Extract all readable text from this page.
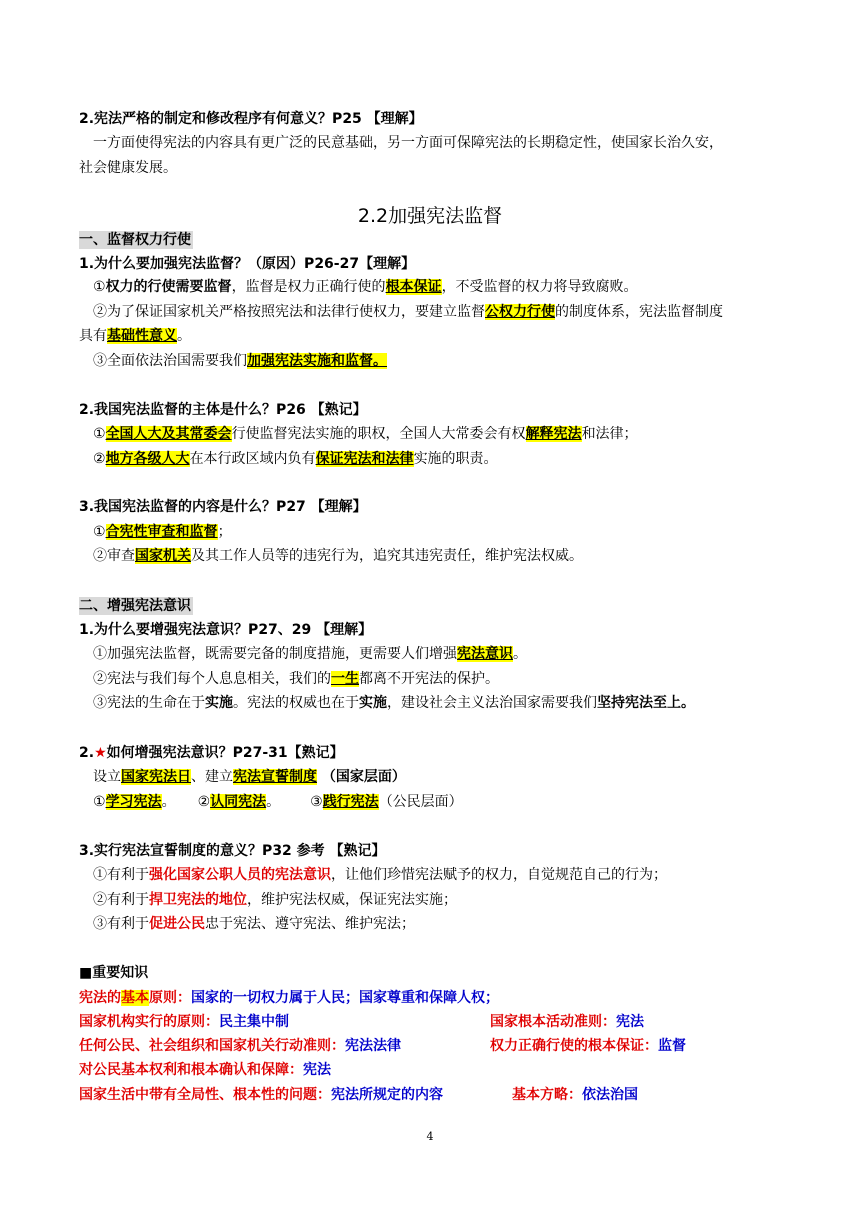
2.宪法严格的制定和修改程序有何意义？P25 【理解】
一方面使得宪法的内容具有更广泛的民意基础，另一方面可保障宪法的长期稳定性，使国家长治久安，
社会健康发展。
2.2加强宪法监督
一、监督权力行使
1.为什么要加强宪法监督？（原因）P26-27【理解】
①权力的行使需要监督，监督是权力正确行使的根本保证，不受监督的权力将导致腐败。
②为了保证国家机关严格按照宪法和法律行使权力，要建立监督公权力行使的制度体系，宪法监督制度
具有基础性意义。
③全面依法治国需要我们加强宪法实施和监督。
2.我国宪法监督的主体是什么？P26 【熟记】
①全国人大及其常委会行使监督宪法实施的职权，全国人大常委会有权解释宪法和法律；
②地方各级人大在本行政区域内负有保证宪法和法律实施的职责。
3.我国宪法监督的内容是什么？P27 【理解】
①合宪性审查和监督；
②审查国家机关及其工作人员等的违宪行为，追究其违宪责任，维护宪法权威。
二、增强宪法意识
1.为什么要增强宪法意识？P27、29 【理解】
①加强宪法监督，既需要完备的制度措施，更需要人们增强宪法意识。
②宪法与我们每个人息息相关，我们的一生都离不开宪法的保护。
③宪法的生命在于实施。宪法的权威也在于实施，建设社会主义法治国家需要我们坚持宪法至上。
2.★如何增强宪法意识？P27-31【熟记】
设立国家宪法日、建立宪法宣誓制度 （国家层面）
①学习宪法。 ②认同宪法。 ③践行宪法（公民层面）
3.实行宪法宣誓制度的意义？P32 参考 【熟记】
①有利于强化国家公职人员的宪法意识，让他们珍惜宪法赋予的权力，自觉规范自己的行为；
②有利于捍卫宪法的地位，维护宪法权威，保证宪法实施；
③有利于促进公民忠于宪法、遵守宪法、维护宪法；
■重要知识
宪法的基本原则：国家的一切权力属于人民；国家尊重和保障人权；
国家机构实行的原则：民主集中制	国家根本活动准则：宪法
任何公民、社会组织和国家机关行动准则：宪法法律	权力正确行使的根本保证：监督
对公民基本权利和根本确认和保障：宪法
国家生活中带有全局性、根本性的问题：宪法所规定的内容	基本方略：依法治国
4
